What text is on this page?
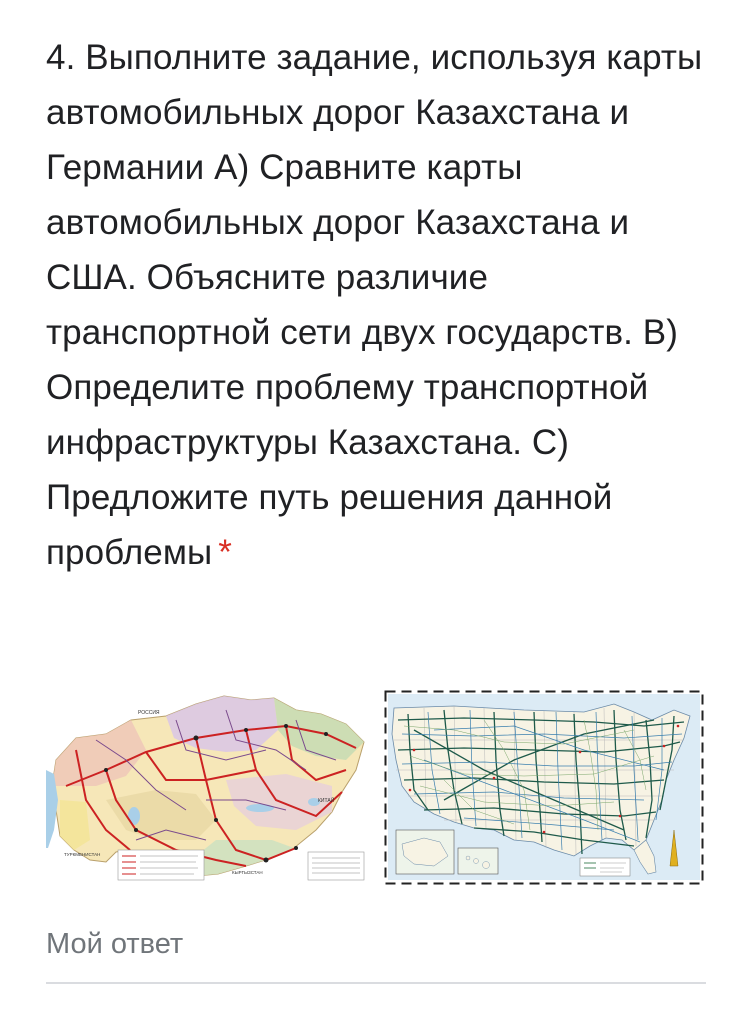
4. Выполните задание, используя карты автомобильных дорог Казахстана и Германии A) Сравните карты автомобильных дорог Казахстана и США. Объясните различие транспортной сети двух государств. B) Определите проблему транспортной инфраструктуры Казахстана. C) Предложите путь решения данной проблемы *
РОССИЯ
КИТАЙ
ТУРКМЕНИСТАН
КЫРГЫЗСТАН
Мой ответ
